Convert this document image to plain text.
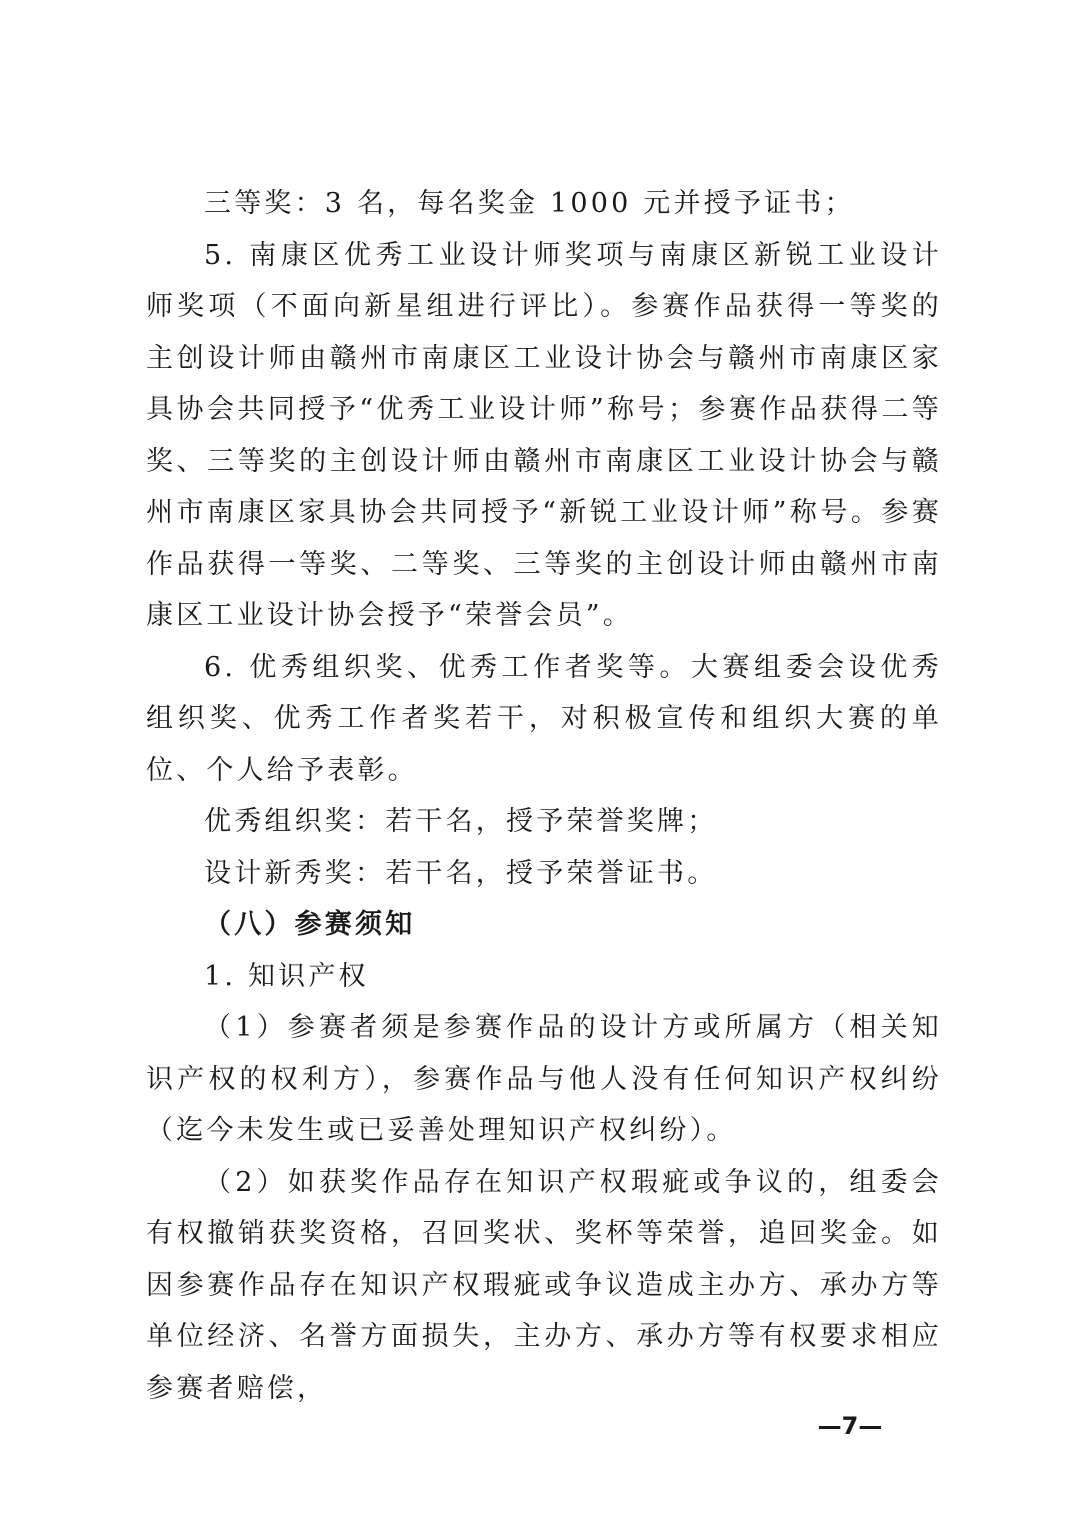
三等奖：3 名，每名奖金 1000 元并授予证书；

5. 南康区优秀工业设计师奖项与南康区新锐工业设计师奖项（不面向新星组进行评比）。参赛作品获得一等奖的主创设计师由赣州市南康区工业设计协会与赣州市南康区家具协会共同授予“优秀工业设计师”称号；参赛作品获得二等奖、三等奖的主创设计师由赣州市南康区工业设计协会与赣州市南康区家具协会共同授予“新锐工业设计师”称号。参赛作品获得一等奖、二等奖、三等奖的主创设计师由赣州市南康区工业设计协会授予“荣誉会员”。

6. 优秀组织奖、优秀工作者奖等。大赛组委会设优秀组织奖、优秀工作者奖若干，对积极宣传和组织大赛的单位、个人给予表彰。

优秀组织奖：若干名，授予荣誉奖牌；

设计新秀奖：若干名，授予荣誉证书。

（八）参赛须知

1. 知识产权

（1）参赛者须是参赛作品的设计方或所属方（相关知识产权的权利方），参赛作品与他人没有任何知识产权纠纷（迄今未发生或已妥善处理知识产权纠纷）。

（2）如获奖作品存在知识产权瑕疵或争议的，组委会有权撤销获奖资格，召回奖状、奖杯等荣誉，追回奖金。如因参赛作品存在知识产权瑕疵或争议造成主办方、承办方等单位经济、名誉方面损失，主办方、承办方等有权要求相应参赛者赔偿，

—7—
